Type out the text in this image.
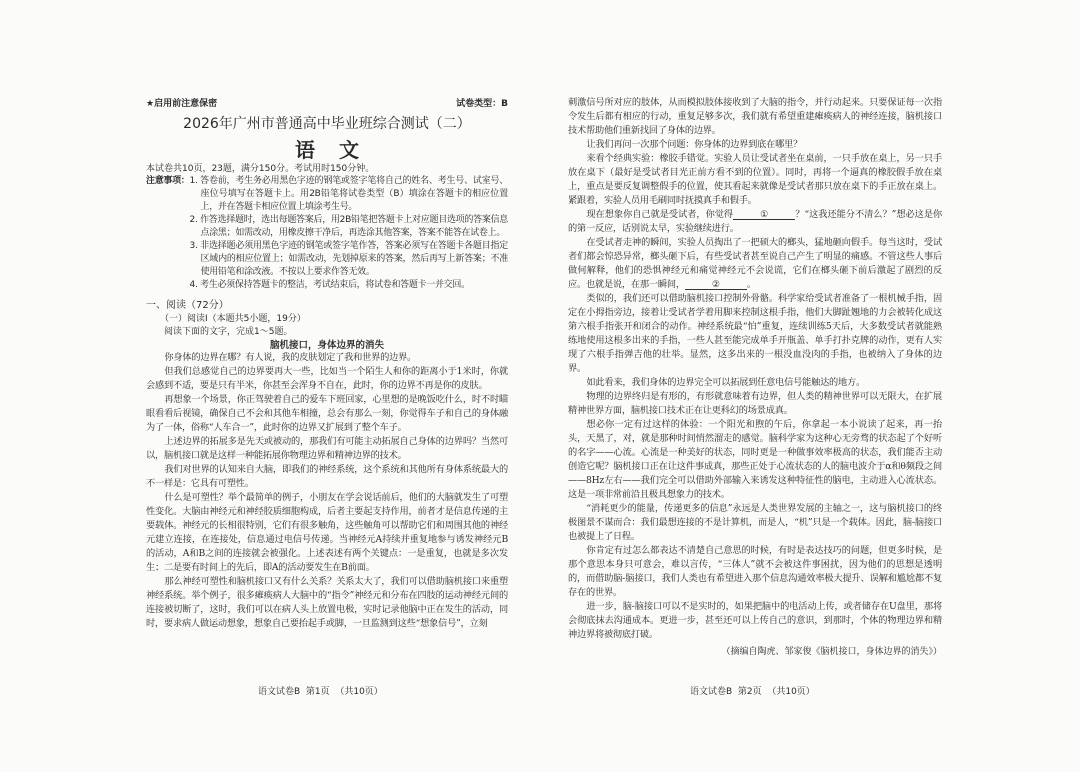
★启用前注意保密	试卷类型：B
2026年广州市普通高中毕业班综合测试（二）
语文
本试卷共10页，23题，满分150分。考试用时150分钟。
注意事项： 1. 答卷前，考生务必用黑色字迹的钢笔或签字笔将自己的姓名、考生号、试室号、座位号填写在答题卡上。用2B铅笔将试卷类型（B）填涂在答题卡的相应位置上，并在答题卡相应位置上填涂考生号。
2. 作答选择题时，选出每题答案后，用2B铅笔把答题卡上对应题目选项的答案信息点涂黑；如需改动，用橡皮擦干净后，再选涂其他答案，答案不能答在试卷上。
3. 非选择题必须用黑色字迹的钢笔或签字笔作答，答案必须写在答题卡各题目指定区域内的相应位置上；如需改动，先划掉原来的答案，然后再写上新答案；不准使用铅笔和涂改液。不按以上要求作答无效。
4. 考生必须保持答题卡的整洁，考试结束后，将试卷和答题卡一并交回。
一、阅读（72分）
（一）阅读Ⅰ（本题共5小题，19分）
阅读下面的文字，完成1～5题。
脑机接口，身体边界的消失

你身体的边界在哪？有人说，我的皮肤划定了我和世界的边界。

但我们总感觉自己的边界要再大一些，比如当一个陌生人和你的距离小于1米时，你就会感到不适，要是只有半米，你甚至会浑身不自在，此时，你的边界不再是你的皮肤。

再想象一个场景，你正驾驶着自己的爱车下班回家，心里想的是晚饭吃什么，时不时瞄眼看看后视镜，确保自己不会和其他车相撞，总会有那么一刻，你觉得车子和自己的身体融为了一体，俗称“人车合一”，此时你的边界又扩展到了整个车子。

上述边界的拓展多是先天或被动的，那我们有可能主动拓展自己身体的边界吗？当然可以，脑机接口就是这样一种能拓展你物理边界和精神边界的技术。

我们对世界的认知来自大脑，即我们的神经系统，这个系统和其他所有身体系统最大的不一样是：它具有可塑性。

什么是可塑性？举个最简单的例子，小朋友在学会说话前后，他们的大脑就发生了可塑性变化。大脑由神经元和神经胶质细胞构成，后者主要起支持作用，前者才是信息传递的主要载体。神经元的长相很特别，它们有很多触角，这些触角可以帮助它们和周围其他的神经元建立连接，在连接处，信息通过电信号传递。当神经元A持续并重复地参与诱发神经元B的活动，A和B之间的连接就会被强化。上述表述有两个关键点：一是重复，也就是多次发生；二是要有时间上的先后，即A的活动要发生在B前面。

那么神经可塑性和脑机接口又有什么关系？关系太大了，我们可以借助脑机接口来重塑神经系统。举个例子，很多瘫痪病人大脑中的“指令”神经元和分布在四肢的运动神经元间的连接被切断了，这时，我们可以在病人头上放置电极，实时记录他脑中正在发生的活动，同时，要求病人做运动想象，想象自己要抬起手或脚，一旦监测到这些“想象信号”，立刻

刺激信号所对应的肢体，从而模拟肢体接收到了大脑的指令，并行动起来。只要保证每一次指令发生后都有相应的行动，重复足够多次，我们就有希望重建瘫痪病人的神经连接，脑机接口技术帮助他们重新找回了身体的边界。

让我们再问一次那个问题：你身体的边界到底在哪里？

来看个经典实验：橡胶手错觉。实验人员让受试者坐在桌前，一只手放在桌上，另一只手放在桌下（最好是受试者目光正前方看不到的位置）。同时，再将一个逼真的橡胶假手放在桌上，重点是要反复调整假手的位置，使其看起来就像是受试者那只放在桌下的手正放在桌上。紧跟着，实验人员用毛刷同时抚摸真手和假手。

现在想象你自己就是受试者，你觉得	①	？“这我还能分不清么？”想必这是你的第一反应，话别说太早，实验继续进行。

在受试者走神的瞬间，实验人员掏出了一把硕大的榔头，猛地砸向假手。每当这时，受试者们都会惊恐异常，榔头砸下后，有些受试者甚至说自己产生了明显的痛感。不管这些人事后做何解释，他们的恐惧神经元和痛觉神经元不会说谎，它们在榔头砸下前后激起了剧烈的反应。也就是说，在那一瞬间，	②	。

类似的，我们还可以借助脑机接口控制外骨骼。科学家给受试者准备了一根机械手指，固定在小拇指旁边，接着让受试者学着用脚来控制这根手指，他们大脚趾翘地的力会被转化成这第六根手指张开和闭合的动作。神经系统最“怕”重复，连续训练5天后，大多数受试者就能熟练地使用这根多出来的手指，一些人甚至能完成单手开瓶盖、单手打扑克牌的动作，更有人实现了六根手指弹吉他的壮举。显然，这多出来的一根没血没肉的手指，也被纳入了身体的边界。

如此看来，我们身体的边界完全可以拓展到任意电信号能触达的地方。

物理的边界终归是有形的，有形就意味着有边界，但人类的精神世界可以无限大，在扩展精神世界方面，脑机接口技术正在让更科幻的场景成真。

想必你一定有过这样的体验：一个阳光和煦的午后，你拿起一本小说读了起来，再一抬头，天黑了，对，就是那种时间悄然溜走的感觉。脑科学家为这种心无旁骛的状态起了个好听的名字——心流。心流是一种美好的状态，同时更是一种做事效率极高的状态，我们能否主动创造它呢？脑机接口正在让这件事成真，那些正处于心流状态的人的脑电波介于α和θ频段之间——8Hz左右——我们完全可以借助外部输入来诱发这种特征性的脑电，主动进入心流状态。这是一项非常前沿且极具想象力的技术。

“消耗更少的能量，传递更多的信息”永远是人类世界发展的主轴之一，这与脑机接口的终极图景不谋而合：我们最想连接的不是计算机，而是人，“机”只是一个载体。因此，脑-脑接口也被提上了日程。

你肯定有过怎么都表达不清楚自己意思的时候，有时是表达技巧的问题，但更多时候，是那个意思本身只可意会，难以言传，“三体人”就不会被这件事困扰，因为他们的思想是透明的，而借助脑-脑接口，我们人类也有希望进入那个信息沟通效率极大提升、误解和尴尬都不复存在的世界。

进一步，脑-脑接口可以不是实时的，如果把脑中的电活动上传，或者储存在U盘里，那将会彻底抹去沟通成本。更进一步，甚至还可以上传自己的意识，到那时，个体的物理边界和精神边界将被彻底打破。

（摘编自陶虎、邹家俊《脑机接口，身体边界的消失》）
语文试卷B  第1页  （共10页）	语文试卷B  第2页  （共10页）
